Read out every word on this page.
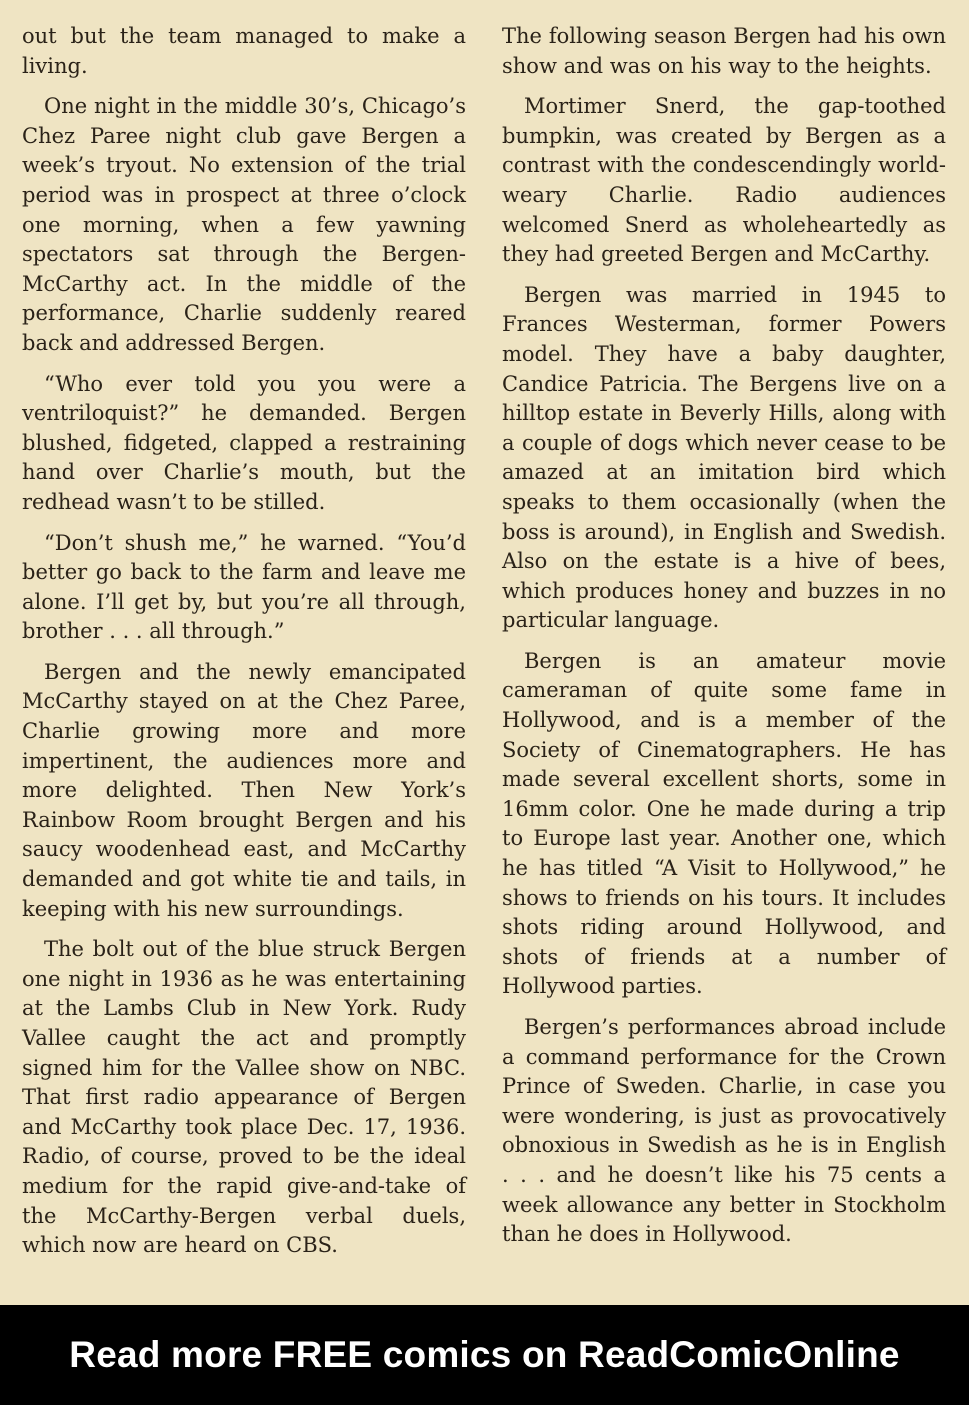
out but the team managed to make a living.

One night in the middle 30’s, Chicago’s Chez Paree night club gave Bergen a week’s tryout. No extension of the trial period was in prospect at three o’clock one morning, when a few yawning spectators sat through the Bergen-McCarthy act. In the middle of the performance, Charlie suddenly reared back and addressed Bergen.

“Who ever told you you were a ventriloquist?” he demanded. Bergen blushed, fidgeted, clapped a restraining hand over Charlie’s mouth, but the redhead wasn’t to be stilled.

“Don’t shush me,” he warned. “You’d better go back to the farm and leave me alone. I’ll get by, but you’re all through, brother . . . all through.”

Bergen and the newly emancipated McCarthy stayed on at the Chez Paree, Charlie growing more and more impertinent, the audiences more and more delighted. Then New York’s Rainbow Room brought Bergen and his saucy woodenhead east, and McCarthy demanded and got white tie and tails, in keeping with his new surroundings.

The bolt out of the blue struck Bergen one night in 1936 as he was entertaining at the Lambs Club in New York. Rudy Vallee caught the act and promptly signed him for the Vallee show on NBC. That first radio appearance of Bergen and McCarthy took place Dec. 17, 1936. Radio, of course, proved to be the ideal medium for the rapid give-and-take of the McCarthy-Bergen verbal duels, which now are heard on CBS.

The following season Bergen had his own show and was on his way to the heights.

Mortimer Snerd, the gap-toothed bumpkin, was created by Bergen as a contrast with the condescendingly world-weary Charlie. Radio audiences welcomed Snerd as wholeheartedly as they had greeted Bergen and McCarthy.

Bergen was married in 1945 to Frances Westerman, former Powers model. They have a baby daughter, Candice Patricia. The Bergens live on a hilltop estate in Beverly Hills, along with a couple of dogs which never cease to be amazed at an imitation bird which speaks to them occasionally (when the boss is around), in English and Swedish. Also on the estate is a hive of bees, which produces honey and buzzes in no particular language.

Bergen is an amateur movie cameraman of quite some fame in Hollywood, and is a member of the Society of Cinematographers. He has made several excellent shorts, some in 16mm color. One he made during a trip to Europe last year. Another one, which he has titled “A Visit to Hollywood,” he shows to friends on his tours. It includes shots riding around Hollywood, and shots of friends at a number of Hollywood parties.

Bergen’s performances abroad include a command performance for the Crown Prince of Sweden. Charlie, in case you were wondering, is just as provocatively obnoxious in Swedish as he is in English . . . and he doesn’t like his 75 cents a week allowance any better in Stockholm than he does in Hollywood.

Read more FREE comics on ReadComicOnline
